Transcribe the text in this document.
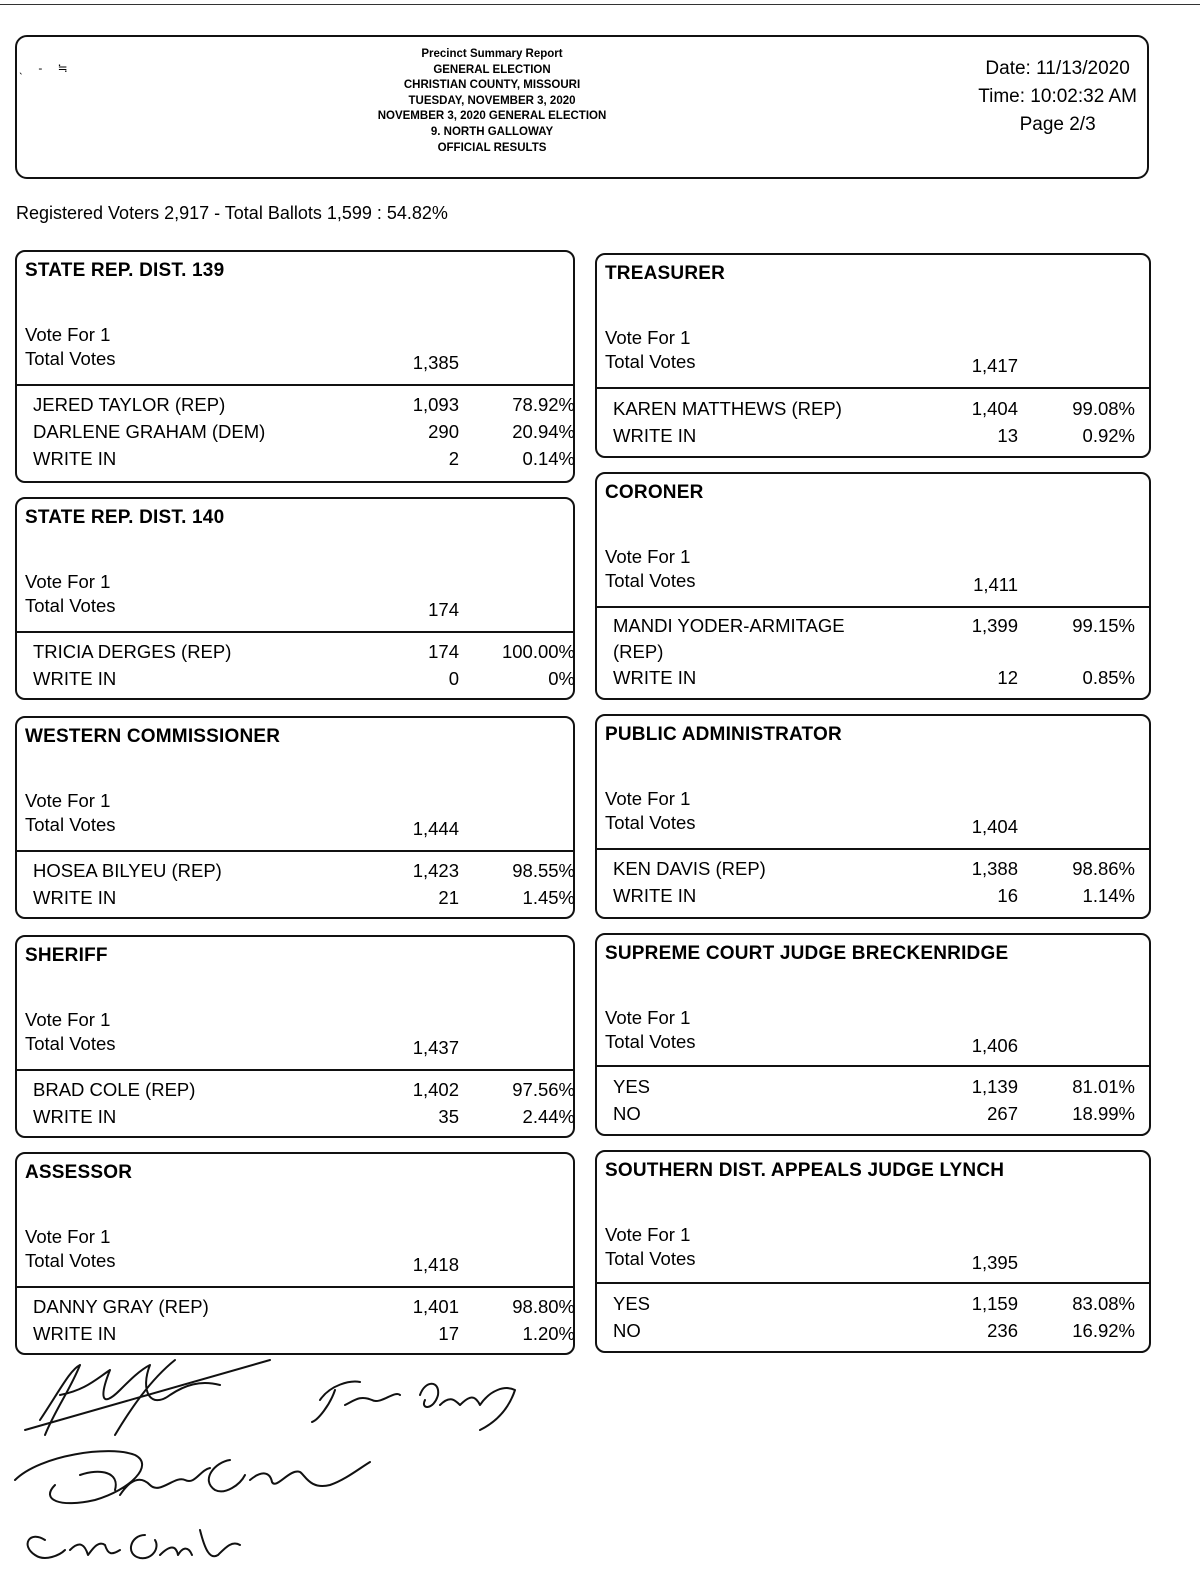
ˎ - ≒
Precinct Summary Report
GENERAL ELECTION
CHRISTIAN COUNTY, MISSOURI
TUESDAY, NOVEMBER 3, 2020
NOVEMBER 3, 2020 GENERAL ELECTION
9. NORTH GALLOWAY
OFFICIAL RESULTS
Date: 11/13/2020
Time: 10:02:32 AM
Page 2/3
Registered Voters 2,917 - Total Ballots 1,599 : 54.82%
STATE REP. DIST. 139
Vote For 1
Total Votes	1,385
JERED TAYLOR (REP)	1,093	78.92%
DARLENE GRAHAM (DEM)	290	20.94%
WRITE IN	2	0.14%
STATE REP. DIST. 140
Vote For 1
Total Votes	174
TRICIA DERGES (REP)	174	100.00%
WRITE IN	0	0%
WESTERN COMMISSIONER
Vote For 1
Total Votes	1,444
HOSEA BILYEU (REP)	1,423	98.55%
WRITE IN	21	1.45%
SHERIFF
Vote For 1
Total Votes	1,437
BRAD COLE (REP)	1,402	97.56%
WRITE IN	35	2.44%
ASSESSOR
Vote For 1
Total Votes	1,418
DANNY GRAY (REP)	1,401	98.80%
WRITE IN	17	1.20%
TREASURER
Vote For 1
Total Votes	1,417
KAREN MATTHEWS (REP)	1,404	99.08%
WRITE IN	13	0.92%
CORONER
Vote For 1
Total Votes	1,411
MANDI YODER-ARMITAGE	1,399	99.15%
(REP)
WRITE IN	12	0.85%
PUBLIC ADMINISTRATOR
Vote For 1
Total Votes	1,404
KEN DAVIS (REP)	1,388	98.86%
WRITE IN	16	1.14%
SUPREME COURT JUDGE BRECKENRIDGE
Vote For 1
Total Votes	1,406
YES	1,139	81.01%
NO	267	18.99%
SOUTHERN DIST. APPEALS JUDGE LYNCH
Vote For 1
Total Votes	1,395
YES	1,159	83.08%
NO	236	16.92%
